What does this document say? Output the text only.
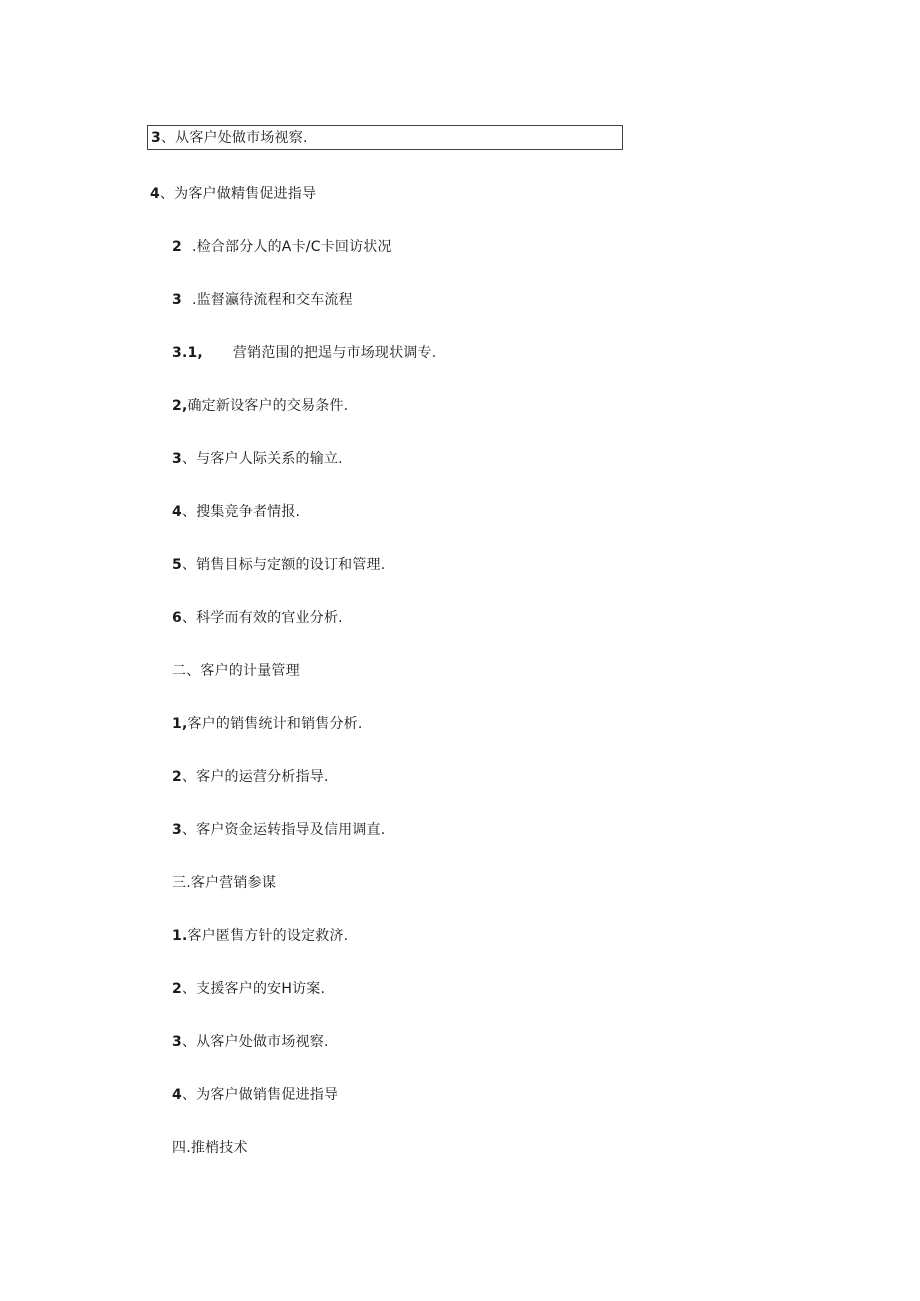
3、从客户处做市场视察.
4、为客户做精售促进指导
2 .检合部分人的A卡/C卡回访状况
3 .监督瀛待流程和交车流程
3.1, 营销范围的把逞与市场现状调专.
2,确定新设客户的交易条件.
3、与客户人际关系的输立.
4、搜集竞争者情报.
5、销售目标与定额的设订和管理.
6、科学而有效的官业分析.
二、客户的计量管理
1,客户的销售统计和销售分析.
2、客户的运营分析指导.
3、客户资金运转指导及信用调直.
三.客户营销参谋
1.客户匿售方针的设定救济.
2、支援客户的安H访案.
3、从客户处做市场视察.
4、为客户做销售促进指导
四.推梢技术
